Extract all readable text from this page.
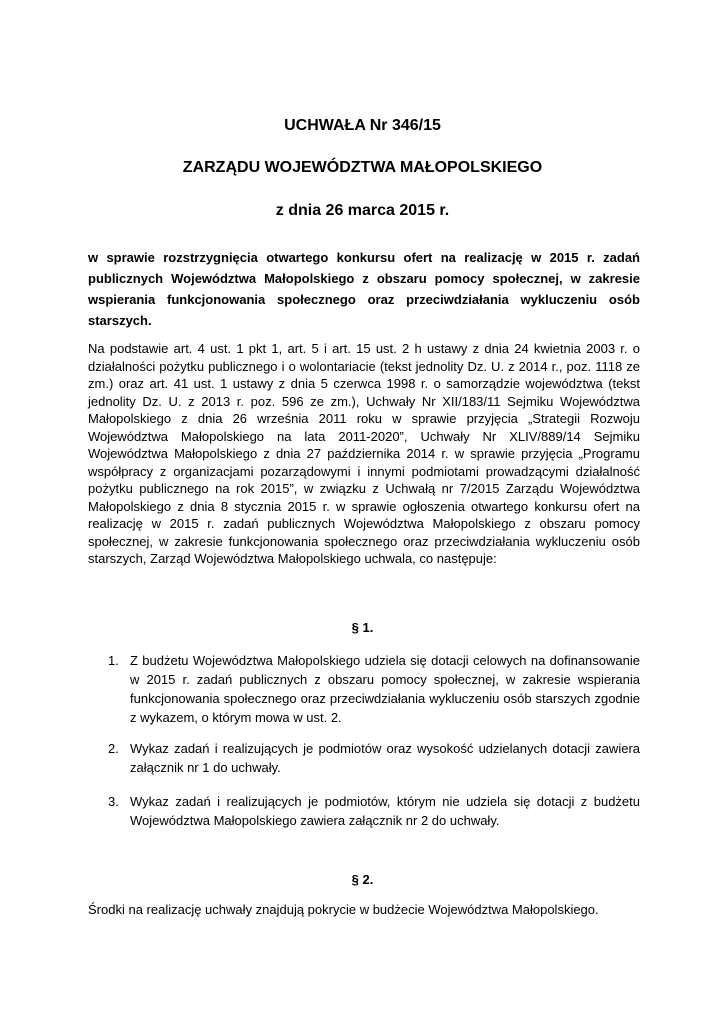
UCHWAŁA Nr 346/15
ZARZĄDU WOJEWÓDZTWA MAŁOPOLSKIEGO
z dnia 26 marca 2015 r.
w sprawie rozstrzygnięcia otwartego konkursu ofert na realizację w 2015 r. zadań publicznych Województwa Małopolskiego z obszaru pomocy społecznej, w zakresie wspierania funkcjonowania społecznego oraz przeciwdziałania wykluczeniu osób starszych.
Na podstawie art. 4 ust. 1 pkt 1, art. 5 i art. 15 ust. 2 h ustawy z dnia 24 kwietnia 2003 r. o działalności pożytku publicznego i o wolontariacie (tekst jednolity Dz. U. z 2014 r., poz. 1118 ze zm.) oraz art. 41 ust. 1 ustawy z dnia 5 czerwca 1998 r. o samorządzie województwa (tekst jednolity Dz. U. z 2013 r. poz. 596 ze zm.), Uchwały Nr XII/183/11 Sejmiku Województwa Małopolskiego z dnia 26 września 2011 roku w sprawie przyjęcia „Strategii Rozwoju Województwa Małopolskiego na lata 2011-2020”, Uchwały Nr XLIV/889/14 Sejmiku Województwa Małopolskiego z dnia 27 października 2014 r. w sprawie przyjęcia „Programu współpracy z organizacjami pozarządowymi i innymi podmiotami prowadzącymi działalność pożytku publicznego na rok 2015”, w związku z Uchwałą nr 7/2015 Zarządu Województwa Małopolskiego z dnia 8 stycznia 2015 r. w sprawie ogłoszenia otwartego konkursu ofert na realizację w 2015 r. zadań publicznych Województwa Małopolskiego z obszaru pomocy społecznej, w zakresie funkcjonowania społecznego oraz przeciwdziałania wykluczeniu osób starszych, Zarząd Województwa Małopolskiego uchwala, co następuje:
§ 1.
1. Z budżetu Województwa Małopolskiego udziela się dotacji celowych na dofinansowanie w 2015 r. zadań publicznych z obszaru pomocy społecznej, w zakresie wspierania funkcjonowania społecznego oraz przeciwdziałania wykluczeniu osób starszych zgodnie z wykazem, o którym mowa w ust. 2.
2. Wykaz zadań i realizujących je podmiotów oraz wysokość udzielanych dotacji zawiera załącznik nr 1 do uchwały.
3. Wykaz zadań i realizujących je podmiotów, którym nie udziela się dotacji z budżetu Województwa Małopolskiego zawiera załącznik nr 2 do uchwały.
§ 2.
Środki na realizację uchwały znajdują pokrycie w budżecie Województwa Małopolskiego.
